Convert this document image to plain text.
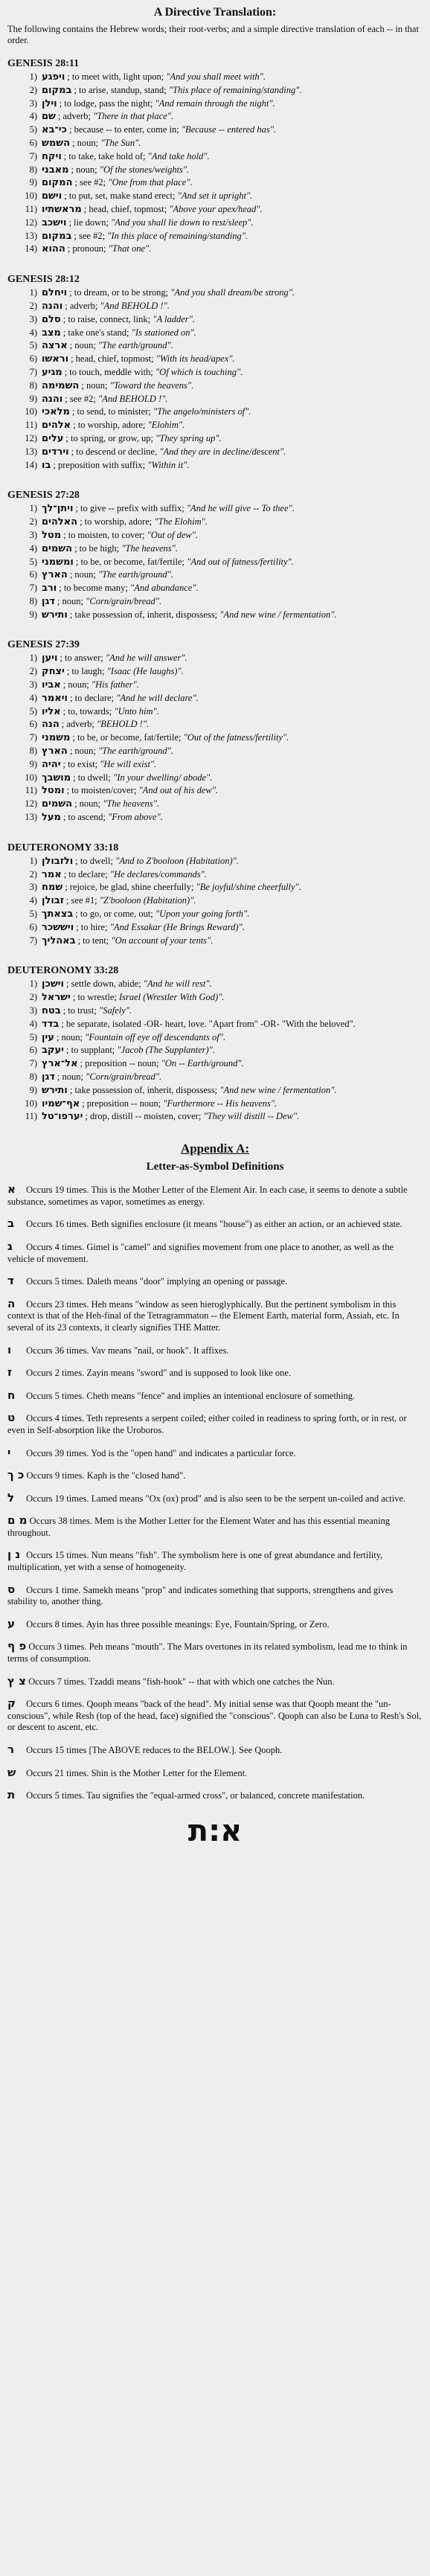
A Directive Translation:

The following contains the Hebrew words; their root-verbs; and a simple directive translation of each -- in that order.

GENESIS 28:11

1) ויפגע ; to meet with, light upon; "And you shall meet with".

2) במקום ; to arise, standup, stand; "This place of remaining/standing".

3) וילן ; to lodge, pass the night; "And remain through the night".

4) שם ; adverb; "There in that place".

5) כי־בא ; because -- to enter, come in; "Because -- entered has".

6) השמש ; noun; "The Sun".

7) ויקח ; to take, take hold of; "And take hold".

8) מאבני ; noun; "Of the stones/weights".

9) המקום ; see #2; "One from that place".

10) וישם ; to put, set, make stand erect; "And set it upright".

11) מראשתיו ; head, chief, topmost; "Above your apex/head".

12) וישכב ; lie down; "And you shall lie down to rest/sleep".

13) במקום ; see #2; "In this place of remaining/standing".

14) ההוא ; pronoun; "That one".

GENESIS 28:12

1) ויחלם ; to dream, or to be strong; "And you shall dream/be strong".

2) והנה ; adverb; "And BEHOLD !".

3) סלם ; to raise, connect, link; "A ladder".

4) מצב ; take one's stand; "Is stationed on".

5) ארצה ; noun; "The earth/ground".

6) וראשו ; head, chief, topmost; "With its head/apex".

7) מגיע ; to touch, meddle with; "Of which is touching".

8) השמימה ; noun; "Toward the heavens".

9) והנה ; see #2; "And BEHOLD !".

10) מלאכי ; to send, to minister; "The angelo/ministers of".

11) אלהים ; to worship, adore; "Elohim".

12) עלים ; to spring, or grow, up; "They spring up".

13) וירדים ; to descend or decline, "And they are in decline/descent".

14) בו ; preposition with suffix; "Within it".

GENESIS 27:28

1) ויתן־לך ; to give -- prefix with suffix; "And he will give -- To thee".

2) האלהים ; to worship, adore; "The Elohim".

3) מטל ; to moisten, to cover; "Out of dew".

4) השמים ; to be high; "The heavens".

5) ומשמני ; to be, or become, fat/fertile; "And out of fatness/fertility".

6) הארץ ; noun; "The earth/ground".

7) ורב ; to become many; "And abundance".

8) דגן ; noun; "Corn/grain/bread".

9) ותירש ; take possession of, inherit, dispossess; "And new wine / fermentation".

GENESIS 27:39

1) ויען ; to answer; "And he will answer".

2) יצחק ; to laugh; "Isaac (He laughs)".

3) אביו ; noun; "His father".

4) ויאמר ; to declare; "And he will declare".

5) אליו ; to, towards; "Unto him".

6) הנה ; adverb; "BEHOLD !".

7) משמני ; to be, or become, fat/fertile; "Out of the fatness/fertility".

8) הארץ ; noun; "The earth/ground".

9) יהיה ; to exist; "He will exist".

10) מושבך ; to dwell; "In your dwelling/ abode".

11) ומטל ; to moisten/cover; "And out of his dew".

12) השמים ; noun; "The heavens".

13) מעל ; to ascend; "From above".

DEUTERONOMY 33:18

1) ולזבולן ; to dwell; "And to Z'boolоon (Habitation)".

2) אמר ; to declare; "He declares/commands".

3) שמח ; rejoice, be glad, shine cheerfully; "Be joyful/shine cheerfully".

4) זבולן ; see #1; "Z'boolоon (Habitation)".

5) בצאתך ; to go, or come, out; "Upon your going forth".

6) ויששכר ; to hire; "And Essakar (He Brings Reward)".

7) באהליך ; to tent; "On account of your tents".

DEUTERONOMY 33:28

1) וישכן ; settle down, abide; "And he will rest".

2) ישראל ; to wrestle; Israel (Wrestler With God)".

3) בטח ; to trust; "Safely".

4) בדד ; be separate, isolated -OR- heart, love. "Apart from" -OR- "With the beloved".

5) עין ; noun; "Fountain off eye off descendants of".

6) יעקב ; to supplant; "Jacob (The Supplanter)".

7) אל־ארץ ; preposition -- noun; "On -- Earth/ground".

8) דגן ; noun; "Corn/grain/bread".

9) ותירש ; take possession of, inherit, dispossess; "And new wine / fermentation".

10) אף־שמיו ; preposition -- noun; "Furthermore -- His heavens".

11) יערפו־טל ; drop, distill -- moisten, cover; "They will distill -- Dew".

Appendix A:
Letter-as-Symbol Definitions

א Occurs 19 times. This is the Mother Letter of the Element Air. In each case, it seems to denote a subtle substance, sometimes as vapor, sometimes as energy.

ב Occurs 16 times. Beth signifies enclosure (it means "house") as either an action, or an achieved state.

ג Occurs 4 times. Gimel is "camel" and signifies movement from one place to another, as well as the vehicle of movement.

ד Occurs 5 times. Daleth means "door" implying an opening or passage.

ה Occurs 23 times. Heh means "window as seen hieroglyphically. But the pertinent symbolism in this context is that of the Heh-final of the Tetragrammaton -- the Element Earth, material form, Assiah, etc. In several of its 23 contexts, it clearly signifies THE Matter.

ו Occurs 36 times. Vav means "nail, or hook". It affixes.

ז Occurs 2 times. Zayin means "sword" and is supposed to look like one.

ח Occurs 5 times. Cheth means "fence" and implies an intentional enclosure of something.

ט Occurs 4 times. Teth represents a serpent coiled; either coiled in readiness to spring forth, or in rest, or even in Self-absorption like the Uroboros.

י Occurs 39 times. Yod is the "open hand" and indicates a particular force.

כ ך Occurs 9 times. Kaph is the "closed hand".

ל Occurs 19 times. Lamed means "Ox (ox) prod" and is also seen to be the serpent un-coiled and active.

מ ם Occurs 38 times. Mem is the Mother Letter for the Element Water and has this essential meaning throughout.

נ ן Occurs 15 times. Nun means "fish". The symbolism here is one of great abundance and fertility, multiplication, yet with a sense of homogeneity.

ס Occurs 1 time. Samekh means "prop" and indicates something that supports, strengthens and gives stability to, another thing.

ע Occurs 8 times. Ayin has three possible meanings: Eye, Fountain/Spring, or Zero.

פ ף Occurs 3 times. Peh means "mouth". The Mars overtones in its related symbolism, lead me to think in terms of consumption.

צ ץ Occurs 7 times. Tzaddi means "fish-hook" -- that with which one catches the Nun.

ק Occurs 6 times. Qooph means "back of the head". My initial sense was that Qooph meant the "un-conscious", while Resh (top of the head, face) signified the "conscious". Qooph can also be Luna to Resh's Sol, or descent to ascent, etc.

ר Occurs 15 times [The ABOVE reduces to the BELOW.]. See Qooph.

ש Occurs 21 times. Shin is the Mother Letter for the Element.

ת Occurs 5 times. Tau signifies the "equal-armed cross", or balanced, concrete manifestation.

א:ת
